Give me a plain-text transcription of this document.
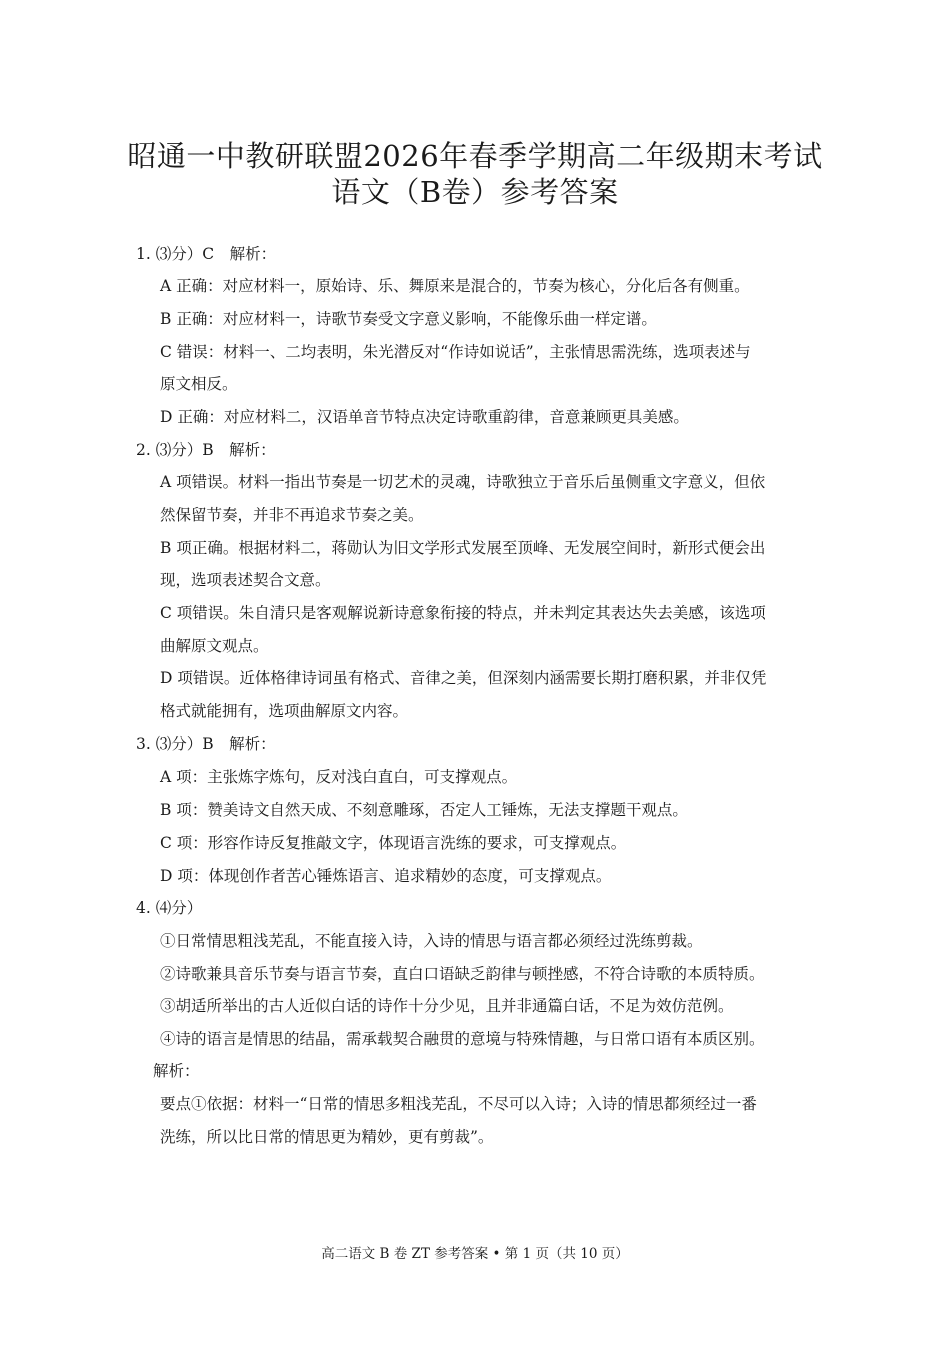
昭通一中教研联盟2026年春季学期高二年级期末考试
语文（B卷）参考答案
1. ⑶分）C　解析：
A 正确：对应材料一，原始诗、乐、舞原来是混合的，节奏为核心，分化后各有侧重。
B 正确：对应材料一，诗歌节奏受文字意义影响，不能像乐曲一样定谱。
C 错误：材料一、二均表明，朱光潜反对“作诗如说话”，主张情思需洗练，选项表述与
原文相反。
D 正确：对应材料二，汉语单音节特点决定诗歌重韵律，音意兼顾更具美感。
2. ⑶分）B　解析：
A 项错误。材料一指出节奏是一切艺术的灵魂，诗歌独立于音乐后虽侧重文字意义，但依
然保留节奏，并非不再追求节奏之美。
B 项正确。根据材料二，蒋勋认为旧文学形式发展至顶峰、无发展空间时，新形式便会出
现，选项表述契合文意。
C 项错误。朱自清只是客观解说新诗意象衔接的特点，并未判定其表达失去美感，该选项
曲解原文观点。
D 项错误。近体格律诗词虽有格式、音律之美，但深刻内涵需要长期打磨积累，并非仅凭
格式就能拥有，选项曲解原文内容。
3. ⑶分）B　解析：
A 项：主张炼字炼句，反对浅白直白，可支撑观点。
B 项：赞美诗文自然天成、不刻意雕琢，否定人工锤炼，无法支撑题干观点。
C 项：形容作诗反复推敲文字，体现语言洗练的要求，可支撑观点。
D 项：体现创作者苦心锤炼语言、追求精妙的态度，可支撑观点。
4. ⑷分）
①日常情思粗浅芜乱，不能直接入诗，入诗的情思与语言都必须经过洗练剪裁。
②诗歌兼具音乐节奏与语言节奏，直白口语缺乏韵律与顿挫感，不符合诗歌的本质特质。
③胡适所举出的古人近似白话的诗作十分少见，且并非通篇白话，不足为效仿范例。
④诗的语言是情思的结晶，需承载契合融贯的意境与特殊情趣，与日常口语有本质区别。
解析：
要点①依据：材料一“日常的情思多粗浅芜乱，不尽可以入诗；入诗的情思都须经过一番
洗练，所以比日常的情思更为精妙，更有剪裁”。
高二语文 B 卷 ZT 参考答案 • 第 1 页（共 10 页）
